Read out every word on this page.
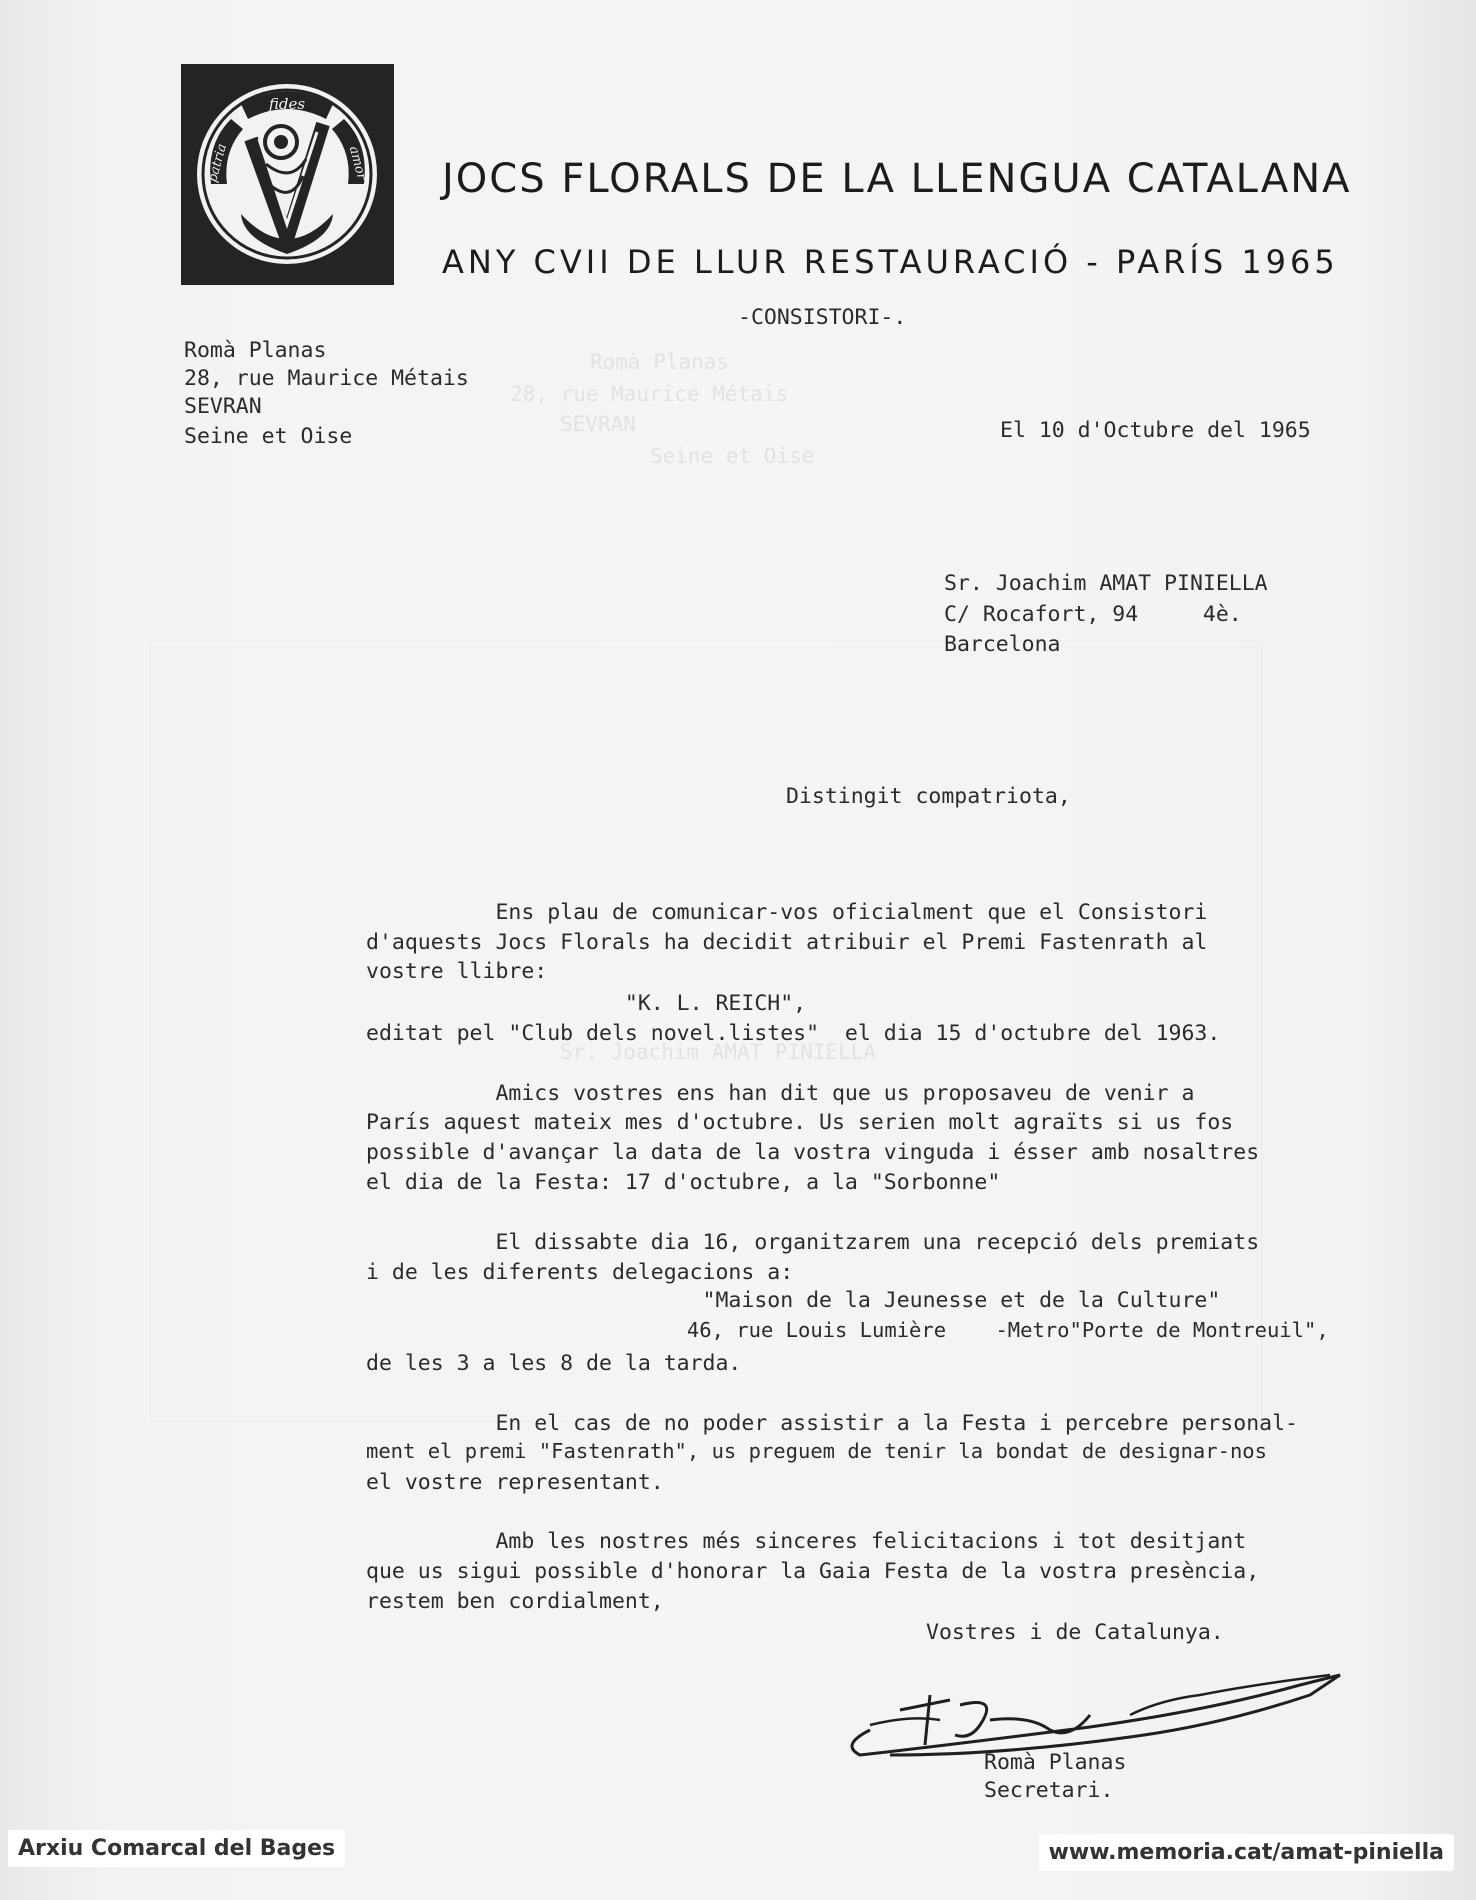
Romà Planas
28, rue Maurice Métais
SEVRAN
Seine et Oise
Sr. Joachim AMAT PINIELLA
fides
patria	amor JOCS FLORALS DE LA LLENGUA CATALANA
ANY CVII DE LLUR RESTAURACIÓ - PARÍS 1965
-CONSISTORI-.
Romà Planas
28, rue Maurice Métais
SEVRAN
Seine et Oise	El 10 d'Octubre del 1965
Sr. Joachim AMAT PINIELLA
C/ Rocafort, 94     4è.
Barcelona
Distingit compatriota,
Ens plau de comunicar-vos oficialment que el Consistori
d'aquests Jocs Florals ha decidit atribuir el Premi Fastenrath al
vostre llibre:
"K. L. REICH",
editat pel "Club dels novel.listes"  el dia 15 d'octubre del 1963.
Amics vostres ens han dit que us proposaveu de venir a
París aquest mateix mes d'octubre. Us serien molt agraïts si us fos
possible d'avançar la data de la vostra vinguda i ésser amb nosaltres
el dia de la Festa: 17 d'octubre, a la "Sorbonne"
El dissabte dia 16, organitzarem una recepció dels premiats
i de les diferents delegacions a:
"Maison de la Jeunesse et de la Culture"
46, rue Louis Lumière    -Metro"Porte de Montreuil",
de les 3 a les 8 de la tarda.
En el cas de no poder assistir a la Festa i percebre personal-
ment el premi "Fastenrath", us preguem de tenir la bondat de designar-nos
el vostre representant.
Amb les nostres més sinceres felicitacions i tot desitjant
que us sigui possible d'honorar la Gaia Festa de la vostra presència,
restem ben cordialment,
Vostres i de Catalunya.
Romà Planas
Secretari.
Arxiu Comarcal del Bages	www.memoria.cat/amat-piniella
